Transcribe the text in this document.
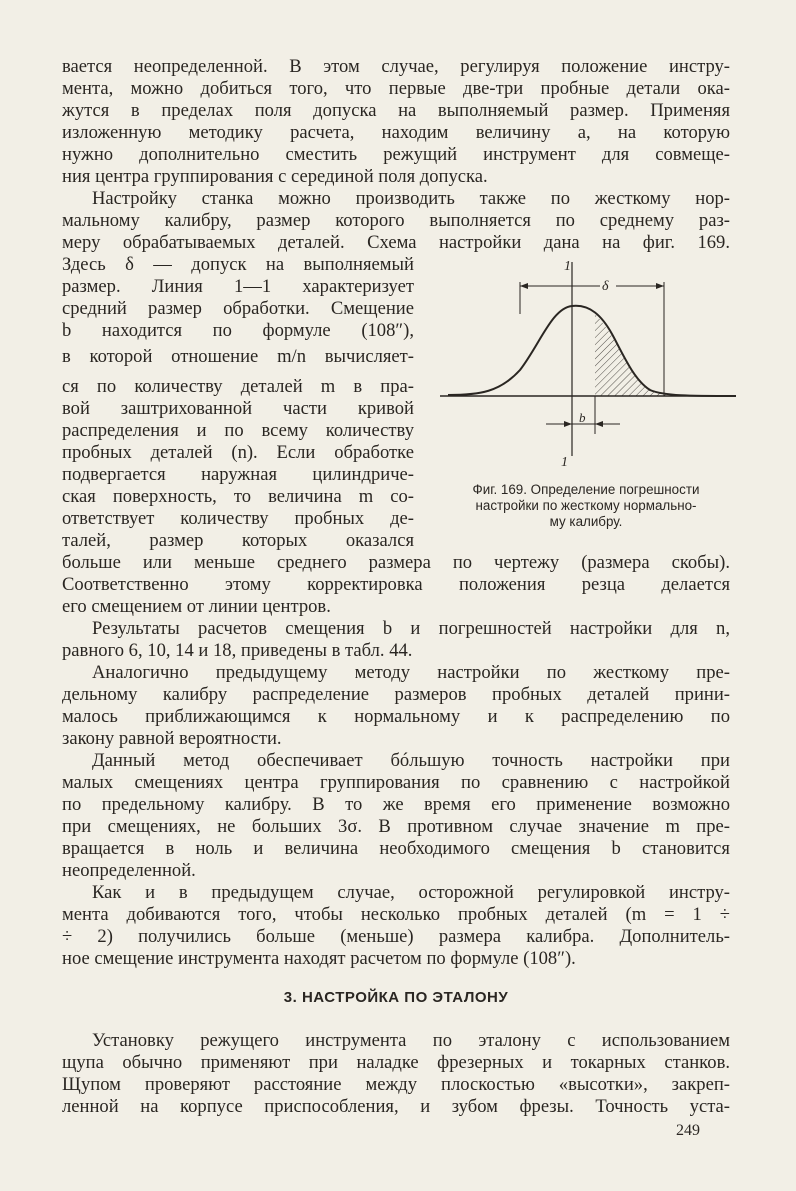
вается неопределенной. В этом случае, регулируя положение инстру-
мента, можно добиться того, что первые две-три пробные детали ока-
жутся в пределах поля допуска на выполняемый размер. Применяя
изложенную методику расчета, находим величину a, на которую
нужно дополнительно сместить режущий инструмент для совмеще-
ния центра группирования с серединой поля допуска.
Настройку станка можно производить также по жесткому нор-
мальному калибру, размер которого выполняется по среднему раз-
меру обрабатываемых деталей. Схема настройки дана на фиг. 169.
Здесь δ — допуск на выполняемый
размер. Линия 1—1 характеризует
средний размер обработки. Смещение
b находится по формуле (108″),
в которой отношение m/n вычисляет-
ся по количеству деталей m в пра-
вой заштрихованной части кривой
распределения и по всему количеству
пробных деталей (n). Если обработке
подвергается наружная цилиндриче-
ская поверхность, то величина m со-
ответствует количеству пробных де-
талей, размер которых оказался
больше или меньше среднего размера по чертежу (размера скобы).
Соответственно этому корректировка положения резца делается
его смещением от линии центров.
Результаты расчетов смещения b и погрешностей настройки для n,
равного 6, 10, 14 и 18, приведены в табл. 44.
Аналогично предыдущему методу настройки по жесткому пре-
дельному калибру распределение размеров пробных деталей прини-
малось приближающимся к нормальному и к распределению по
закону равной вероятности.
Данный метод обеспечивает бóльшую точность настройки при
малых смещениях центра группирования по сравнению с настройкой
по предельному калибру. В то же время его применение возможно
при смещениях, не больших 3σ. В противном случае значение m пре-
вращается в ноль и величина необходимого смещения b становится
неопределенной.
Как и в предыдущем случае, осторожной регулировкой инстру-
мента добиваются того, чтобы несколько пробных деталей (m = 1 ÷
÷ 2) получились больше (меньше) размера калибра. Дополнитель-
ное смещение инструмента находят расчетом по формуле (108″).
3. НАСТРОЙКА ПО ЭТАЛОНУ
Установку режущего инструмента по эталону с использованием
щупа обычно применяют при наладке фрезерных и токарных станков.
Щупом проверяют расстояние между плоскостью «высотки», закреп-
ленной на корпусе приспособления, и зубом фрезы. Точность уста-
249
1
1
δ
b
Фиг. 169. Определение погрешности
настройки по жесткому нормально-
му калибру.
